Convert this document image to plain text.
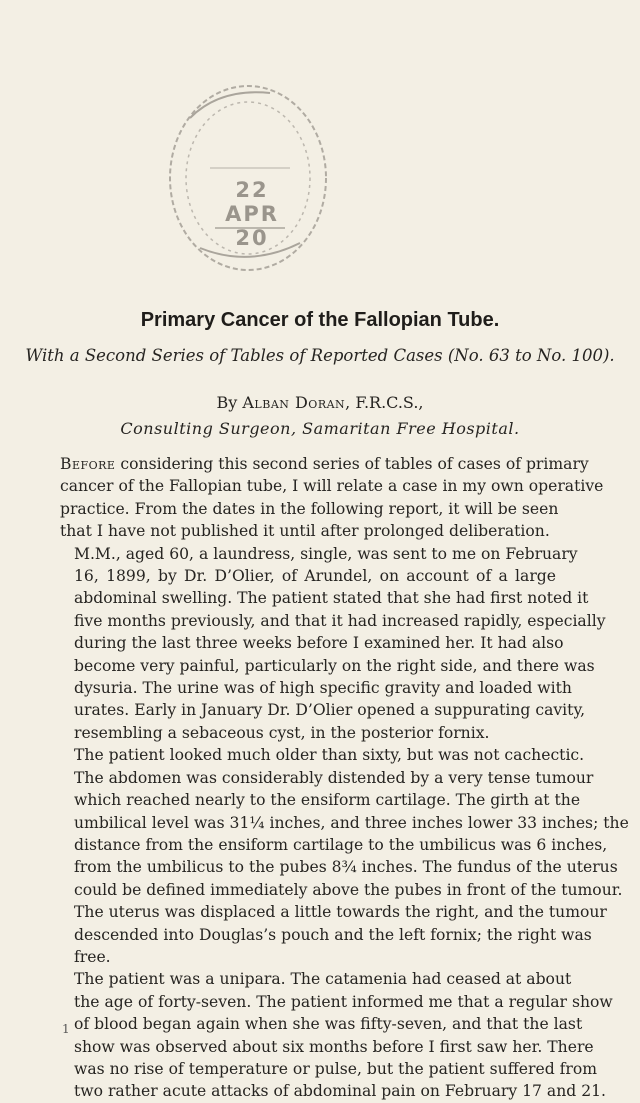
22 APR 20
Primary Cancer of the Fallopian Tube.
With a Second Series of Tables of Reported Cases (No. 63 to No. 100).
By Alban Doran, F.R.C.S.,
Consulting Surgeon, Samaritan Free Hospital.

Before considering this second series of tables of cases of primary
cancer of the Fallopian tube, I will relate a case in my own operative
practice. From the dates in the following report, it will be seen
that I have not published it until after prolonged deliberation.

M.M., aged 60, a laundress, single, was sent to me on February
16, 1899, by Dr. D’Olier, of Arundel, on account of a large
abdominal swelling. The patient stated that she had first noted it
five months previously, and that it had increased rapidly, especially
during the last three weeks before I examined her. It had also
become very painful, particularly on the right side, and there was
dysuria. The urine was of high specific gravity and loaded with
urates. Early in January Dr. D’Olier opened a suppurating cavity,
resembling a sebaceous cyst, in the posterior fornix.

The patient looked much older than sixty, but was not cachectic.
The abdomen was considerably distended by a very tense tumour
which reached nearly to the ensiform cartilage. The girth at the
umbilical level was 31¼ inches, and three inches lower 33 inches; the
distance from the ensiform cartilage to the umbilicus was 6 inches,
from the umbilicus to the pubes 8¾ inches. The fundus of the uterus
could be defined immediately above the pubes in front of the tumour.
The uterus was displaced a little towards the right, and the tumour
descended into Douglas’s pouch and the left fornix; the right was
free.

The patient was a unipara. The catamenia had ceased at about
the age of forty-seven. The patient informed me that a regular show
of blood began again when she was fifty-seven, and that the last
show was observed about six months before I first saw her. There
was no rise of temperature or pulse, but the patient suffered from
two rather acute attacks of abdominal pain on February 17 and 21.

1
